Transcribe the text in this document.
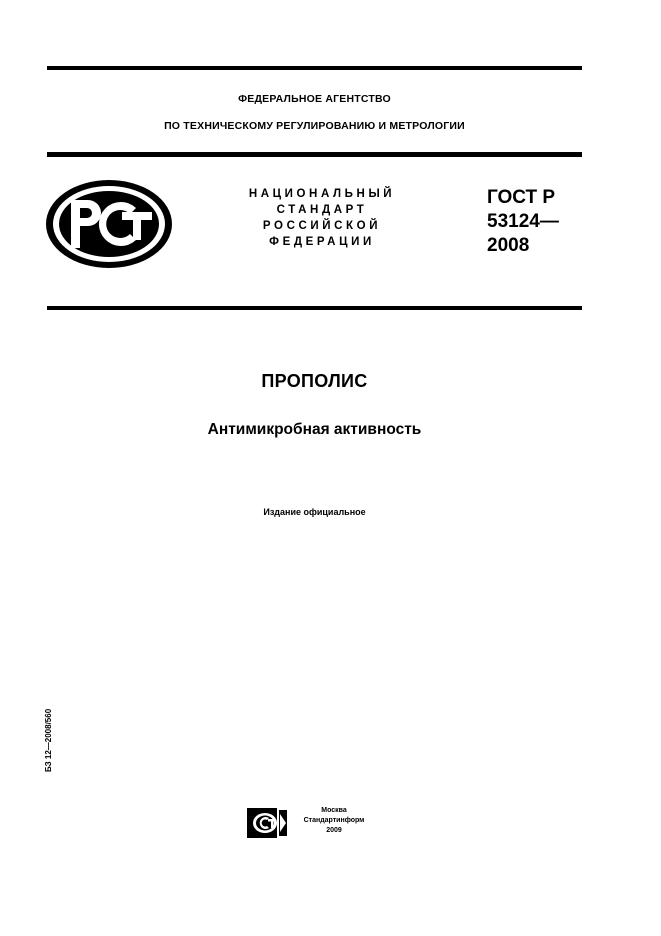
ФЕДЕРАЛЬНОЕ АГЕНТСТВО
ПО ТЕХНИЧЕСКОМУ РЕГУЛИРОВАНИЮ И МЕТРОЛОГИИ
НАЦИОНАЛЬНЫЙ
СТАНДАРТ
РОССИЙСКОЙ
ФЕДЕРАЦИИ
ГОСТ Р
53124—
2008
ПРОПОЛИС
Антимикробная активность
Издание официальное
БЗ 12—2008/560
Москва
Стандартинформ
2009
